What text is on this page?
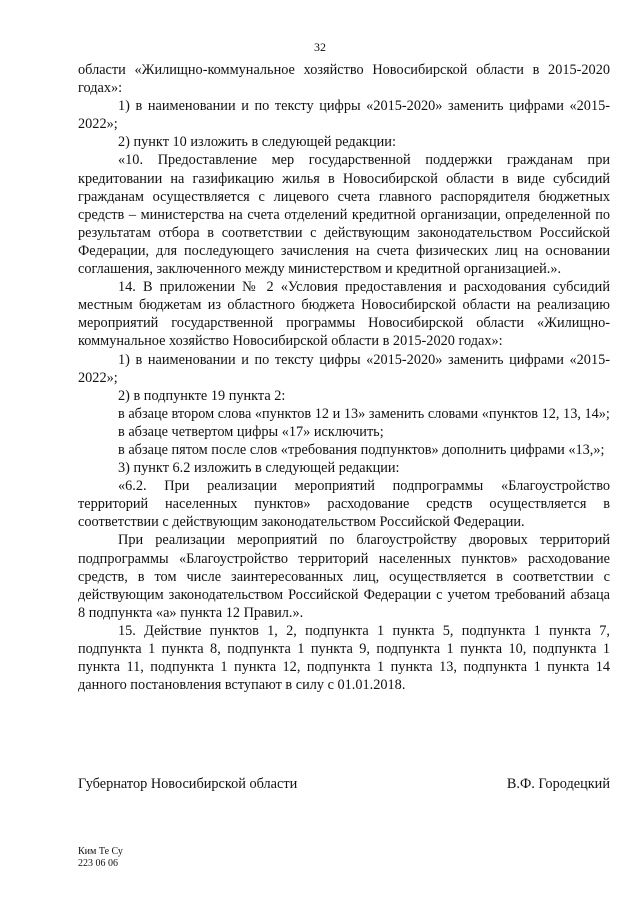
32

области «Жилищно-коммунальное хозяйство Новосибирской области в 2015-2020 годах»:

1) в наименовании и по тексту цифры «2015-2020» заменить цифрами «2015-2022»;

2) пункт 10 изложить в следующей редакции:

«10. Предоставление мер государственной поддержки гражданам при кредитовании на газификацию жилья в Новосибирской области в виде субсидий гражданам осуществляется с лицевого счета главного распорядителя бюджетных средств – министерства на счета отделений кредитной организации, определенной по результатам отбора в соответствии с действующим законодательством Российской Федерации, для последующего зачисления на счета физических лиц на основании соглашения, заключенного между министерством и кредитной организацией.».

14. В приложении № 2 «Условия предоставления и расходования субсидий местным бюджетам из областного бюджета Новосибирской области на реализацию мероприятий государственной программы Новосибирской области «Жилищно-коммунальное хозяйство Новосибирской области в 2015-2020 годах»:

1) в наименовании и по тексту цифры «2015-2020» заменить цифрами «2015-2022»;

2) в подпункте 19 пункта 2:

в абзаце втором слова «пунктов 12 и 13» заменить словами «пунктов 12, 13, 14»;

в абзаце четвертом цифры «17» исключить;

в абзаце пятом после слов «требования подпунктов» дополнить цифрами «13,»;

3) пункт 6.2 изложить в следующей редакции:

«6.2. При реализации мероприятий подпрограммы «Благоустройство территорий населенных пунктов» расходование средств осуществляется в соответствии с действующим законодательством Российской Федерации.

При реализации мероприятий по благоустройству дворовых территорий подпрограммы «Благоустройство территорий населенных пунктов» расходование средств, в том числе заинтересованных лиц, осуществляется в соответствии с действующим законодательством Российской Федерации с учетом требований абзаца 8 подпункта «а» пункта 12 Правил.».

15. Действие пунктов 1, 2, подпункта 1 пункта 5, подпункта 1 пункта 7, подпункта 1 пункта 8, подпункта 1 пункта 9, подпункта 1 пункта 10, подпункта 1 пункта 11, подпункта 1 пункта 12, подпункта 1 пункта 13, подпункта 1 пункта 14 данного постановления вступают в силу с 01.01.2018.

Губернатор Новосибирской области	В.Ф. Городецкий
Ким Те Су
223 06 06
